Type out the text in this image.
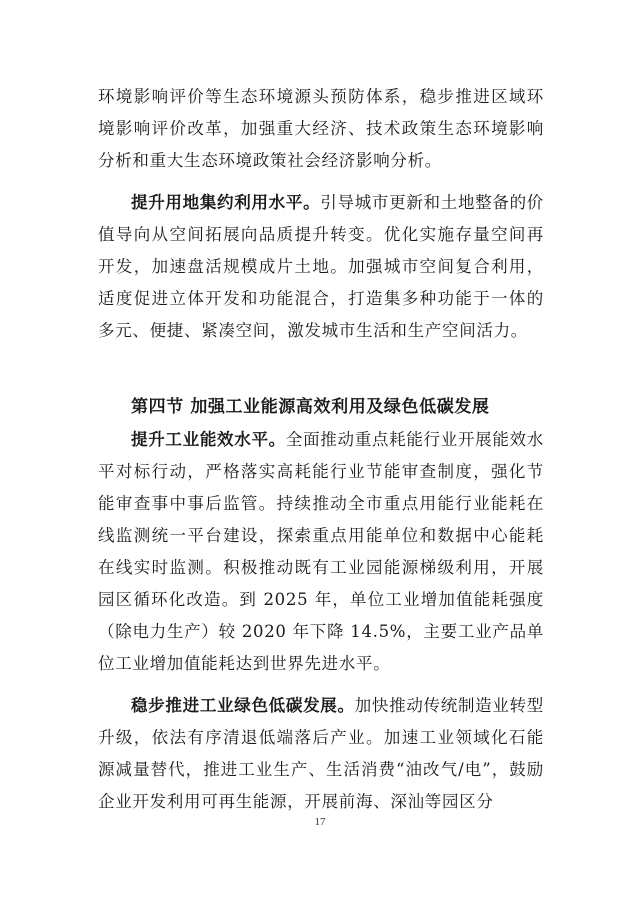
环境影响评价等生态环境源头预防体系，稳步推进区域环境影响评价改革，加强重大经济、技术政策生态环境影响分析和重大生态环境政策社会经济影响分析。

提升用地集约利用水平。引导城市更新和土地整备的价值导向从空间拓展向品质提升转变。优化实施存量空间再开发，加速盘活规模成片土地。加强城市空间复合利用，适度促进立体开发和功能混合，打造集多种功能于一体的多元、便捷、紧凑空间，激发城市生活和生产空间活力。

第四节 加强工业能源高效利用及绿色低碳发展

提升工业能效水平。全面推动重点耗能行业开展能效水平对标行动，严格落实高耗能行业节能审查制度，强化节能审查事中事后监管。持续推动全市重点用能行业能耗在线监测统一平台建设，探索重点用能单位和数据中心能耗在线实时监测。积极推动既有工业园能源梯级利用，开展园区循环化改造。到 2025 年，单位工业增加值能耗强度（除电力生产）较 2020 年下降 14.5%，主要工业产品单位工业增加值能耗达到世界先进水平。

稳步推进工业绿色低碳发展。加快推动传统制造业转型升级，依法有序清退低端落后产业。加速工业领域化石能源减量替代，推进工业生产、生活消费“油改气/电”，鼓励企业开发利用可再生能源，开展前海、深汕等园区分

17
